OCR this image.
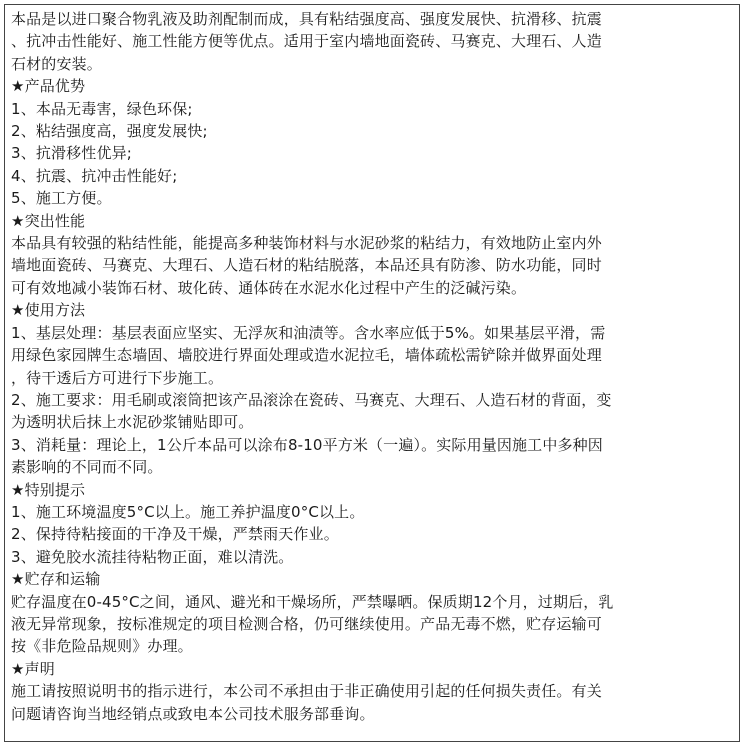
本品是以进口聚合物乳液及助剂配制而成，具有粘结强度高、强度发展快、抗滑移、抗震
、抗冲击性能好、施工性能方便等优点。适用于室内墙地面瓷砖、马赛克、大理石、人造
石材的安装。
★产品优势
1、本品无毒害，绿色环保;
2、粘结强度高，强度发展快;
3、抗滑移性优异;
4、抗震、抗冲击性能好;
5、施工方便。
★突出性能
本品具有较强的粘结性能，能提高多种装饰材料与水泥砂浆的粘结力，有效地防止室内外
墙地面瓷砖、马赛克、大理石、人造石材的粘结脱落，本品还具有防渗、防水功能，同时
可有效地减小装饰石材、玻化砖、通体砖在水泥水化过程中产生的泛碱污染。
★使用方法
1、基层处理：基层表面应坚实、无浮灰和油渍等。含水率应低于5%。如果基层平滑，需
用绿色家园牌生态墙固、墙胶进行界面处理或造水泥拉毛，墙体疏松需铲除并做界面处理
，待干透后方可进行下步施工。
2、施工要求：用毛刷或滚筒把该产品滚涂在瓷砖、马赛克、大理石、人造石材的背面，变
为透明状后抹上水泥砂浆铺贴即可。
3、消耗量：理论上，1公斤本品可以涂布8-10平方米（一遍）。实际用量因施工中多种因
素影响的不同而不同。
★特别提示
1、施工环境温度5°C以上。施工养护温度0°C以上。
2、保持待粘接面的干净及干燥，严禁雨天作业。
3、避免胶水流挂待粘物正面，难以清洗。
★贮存和运输
贮存温度在0-45°C之间，通风、避光和干燥场所，严禁曝晒。保质期12个月，过期后，乳
液无异常现象，按标准规定的项目检测合格，仍可继续使用。产品无毒不燃，贮存运输可
按《非危险品规则》办理。
★声明
施工请按照说明书的指示进行，本公司不承担由于非正确使用引起的任何损失责任。有关
问题请咨询当地经销点或致电本公司技术服务部垂询。
